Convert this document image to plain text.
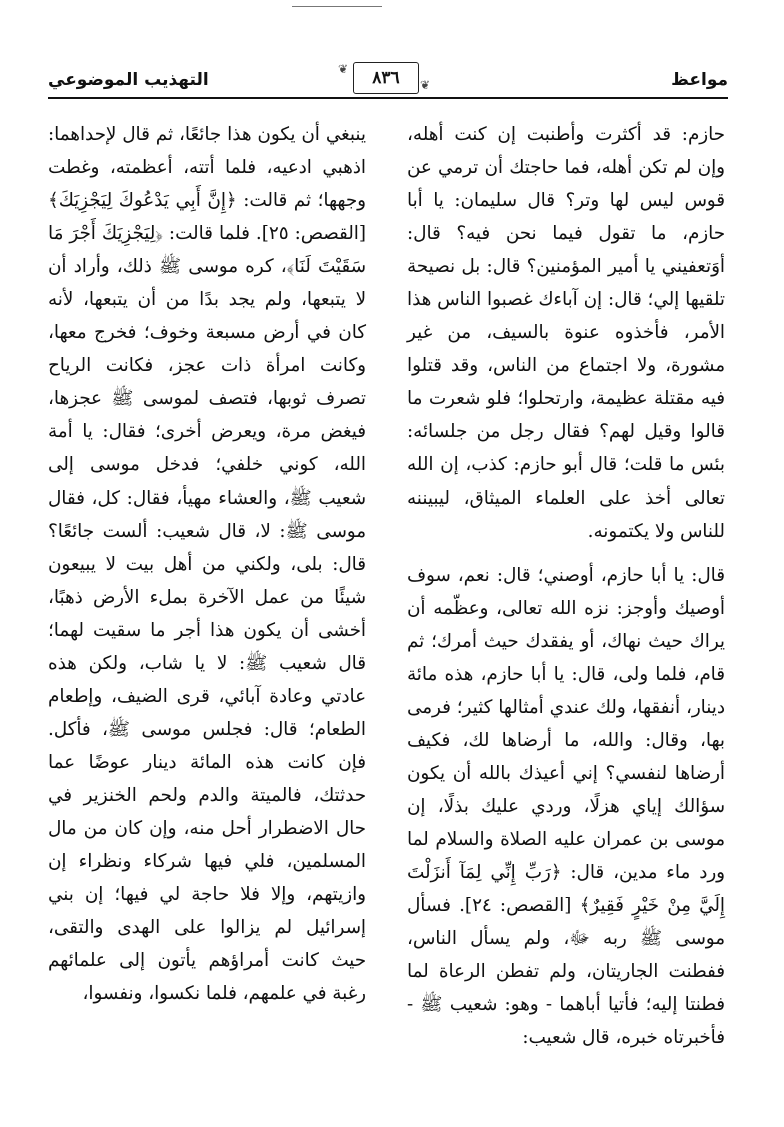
التهذيب الموضوعي	٨٣٦
❦
❦	مواعظ

حازم: قد أكثرت وأطنبت إن كنت أهله، وإن لم تكن أهله، فما حاجتك أن ترمي عن قوس ليس لها وتر؟ قال سليمان: يا أبا حازم، ما تقول فيما نحن فيه؟ قال: أوَتعفيني يا أمير المؤمنين؟ قال: بل نصيحة تلقيها إلي؛ قال: إن آباءك غصبوا الناس هذا الأمر، فأخذوه عنوة بالسيف، من غير مشورة، ولا اجتماع من الناس، وقد قتلوا فيه مقتلة عظيمة، وارتحلوا؛ فلو شعرت ما قالوا وقيل لهم؟ فقال رجل من جلسائه: بئس ما قلت؛ قال أبو حازم: كذب، إن الله تعالى أخذ على العلماء الميثاق، ليبيننه للناس ولا يكتمونه.

قال: يا أبا حازم، أوصني؛ قال: نعم، سوف أوصيك وأوجز: نزه الله تعالى، وعظّمه أن يراك حيث نهاك، أو يفقدك حيث أمرك؛ ثم قام، فلما ولى، قال: يا أبا حازم، هذه مائة دينار، أنفقها، ولك عندي أمثالها كثير؛ فرمى بها، وقال: والله، ما أرضاها لك، فكيف أرضاها لنفسي؟ إني أعيذك بالله أن يكون سؤالك إياي هزلًا، وردي عليك بذلًا، إن موسى بن عمران عليه الصلاة والسلام لما ورد ماء مدين، قال: ﴿رَبِّ إِنِّي لِمَآ أَنزَلْتَ إِلَيَّ مِنْ خَيْرٍ فَقِيرٌ﴾ [القصص: ٢٤]. فسأل موسى ﷺ ربه ﷻ، ولم يسأل الناس، ففطنت الجاريتان، ولم تفطن الرعاة لما فطنتا إليه؛ فأتيا أباهما - وهو: شعيب ﷺ - فأخبرتاه خبره، قال شعيب:

ينبغي أن يكون هذا جائعًا، ثم قال لإحداهما: اذهبي ادعيه، فلما أتته، أعظمته، وغطت وجهها؛ ثم قالت: ﴿إِنَّ أَبِي يَدْعُوكَ لِيَجْزِيَكَ﴾ [القصص: ٢٥]. فلما قالت: ﴿لِيَجْزِيَكَ أَجْرَ مَا سَقَيْتَ لَنَا﴾، كره موسى ﷺ ذلك، وأراد أن لا يتبعها، ولم يجد بدًا من أن يتبعها، لأنه كان في أرض مسبعة وخوف؛ فخرج معها، وكانت امرأة ذات عجز، فكانت الرياح تصرف ثوبها، فتصف لموسى ﷺ عجزها، فيغض مرة، ويعرض أخرى؛ فقال: يا أمة الله، كوني خلفي؛ فدخل موسى إلى شعيب ﷺ، والعشاء مهيأ، فقال: كل، فقال موسى ﷺ: لا، قال شعيب: ألست جائعًا؟ قال: بلى، ولكني من أهل بيت لا يبيعون شيئًا من عمل الآخرة بملء الأرض ذهبًا، أخشى أن يكون هذا أجر ما سقيت لهما؛ قال شعيب ﷺ: لا يا شاب، ولكن هذه عادتي وعادة آبائي، قرى الضيف، وإطعام الطعام؛ قال: فجلس موسى ﷺ، فأكل. فإن كانت هذه المائة دينار عوضًا عما حدثتك، فالميتة والدم ولحم الخنزير في حال الاضطرار أحل منه، وإن كان من مال المسلمين، فلي فيها شركاء ونظراء إن وازيتهم، وإلا فلا حاجة لي فيها؛ إن بني إسرائيل لم يزالوا على الهدى والتقى، حيث كانت أمراؤهم يأتون إلى علمائهم رغبة في علمهم، فلما نكسوا، ونفسوا،
